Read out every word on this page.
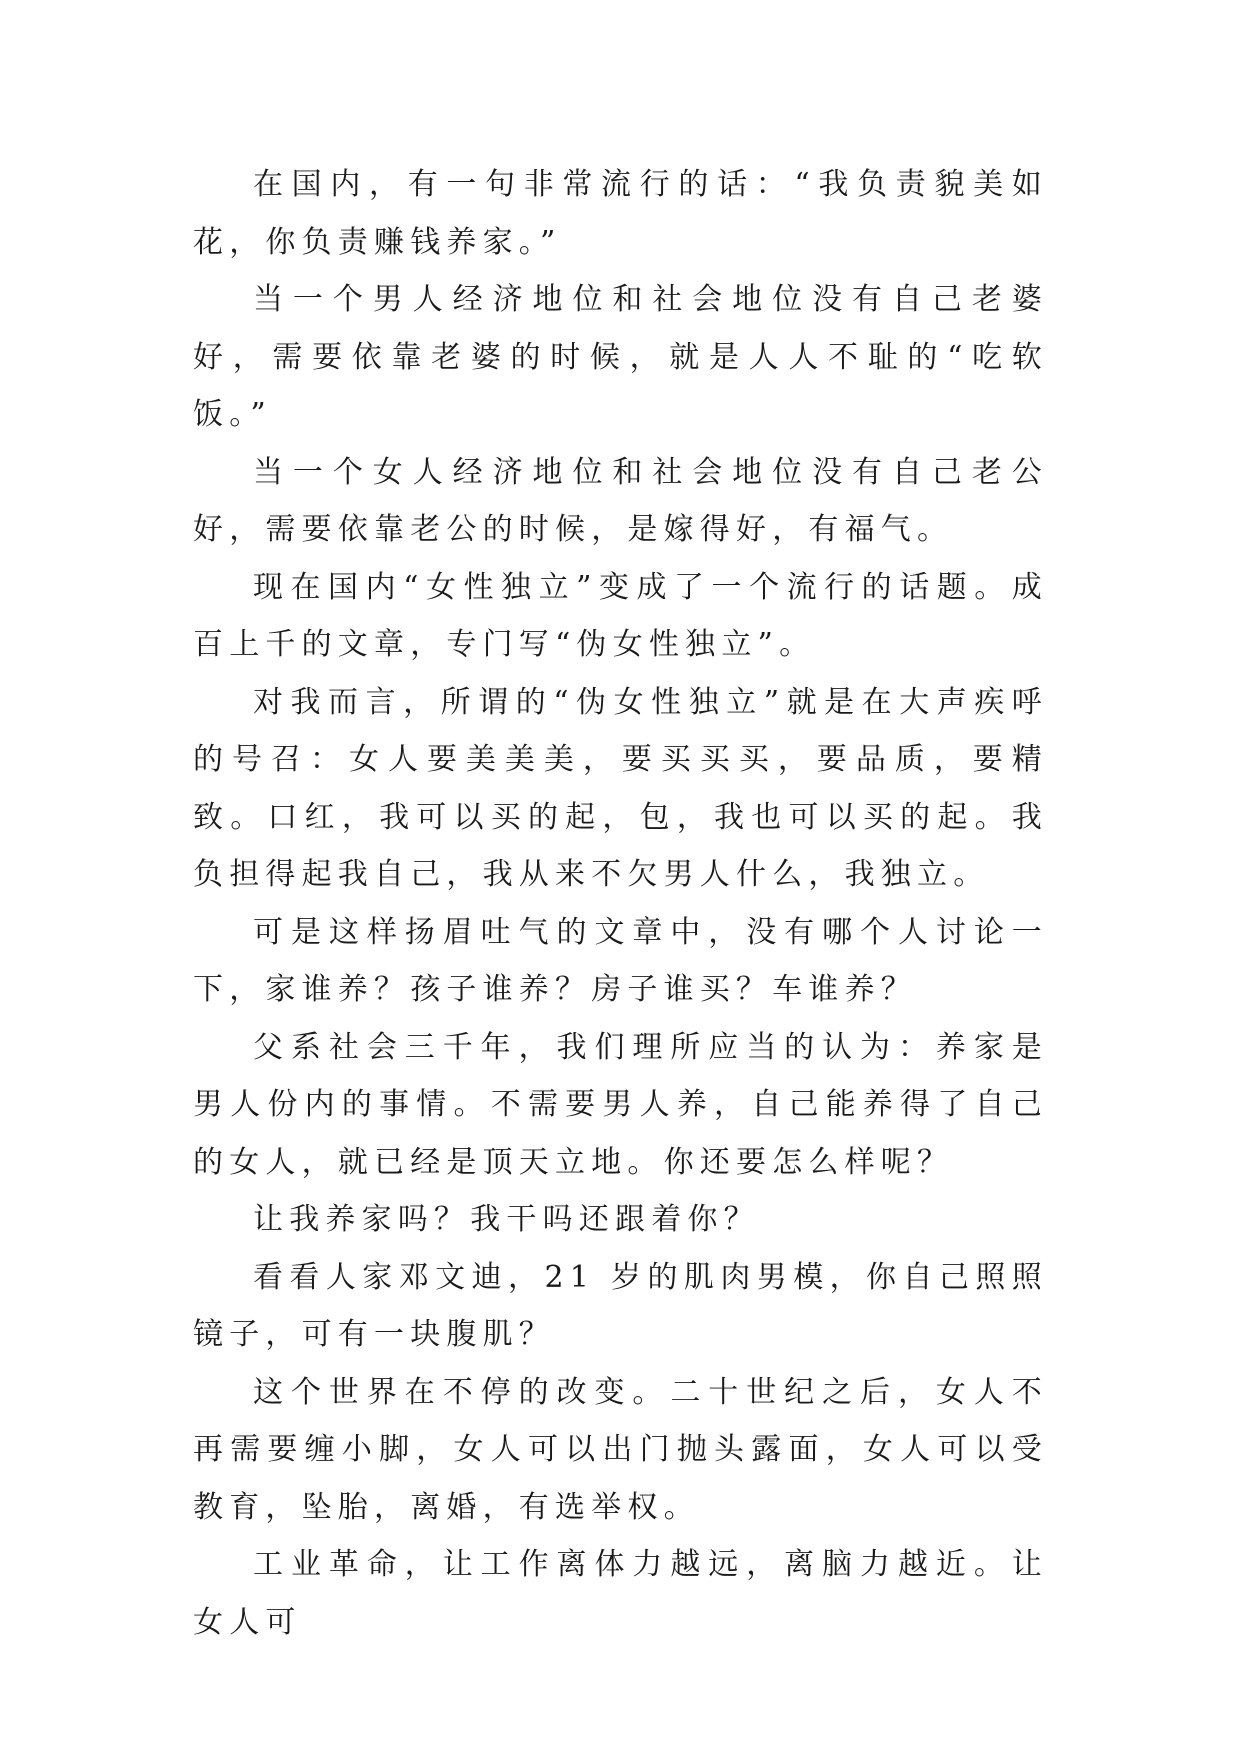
在国内，有一句非常流行的话：“我负责貌美如花，你负责赚钱养家。”

当一个男人经济地位和社会地位没有自己老婆好，需要依靠老婆的时候，就是人人不耻的“吃软饭。”

当一个女人经济地位和社会地位没有自己老公好，需要依靠老公的时候，是嫁得好，有福气。

现在国内“女性独立”变成了一个流行的话题。成百上千的文章，专门写“伪女性独立”。

对我而言，所谓的“伪女性独立”就是在大声疾呼的号召：女人要美美美，要买买买，要品质，要精致。口红，我可以买的起，包，我也可以买的起。我负担得起我自己，我从来不欠男人什么，我独立。

可是这样扬眉吐气的文章中，没有哪个人讨论一下，家谁养？孩子谁养？房子谁买？车谁养？

父系社会三千年，我们理所应当的认为：养家是男人份内的事情。不需要男人养，自己能养得了自己的女人，就已经是顶天立地。你还要怎么样呢？

让我养家吗？我干吗还跟着你？

看看人家邓文迪，21 岁的肌肉男模，你自己照照镜子，可有一块腹肌？

这个世界在不停的改变。二十世纪之后，女人不再需要缠小脚，女人可以出门抛头露面，女人可以受教育，坠胎，离婚，有选举权。

工业革命，让工作离体力越远，离脑力越近。让女人可
